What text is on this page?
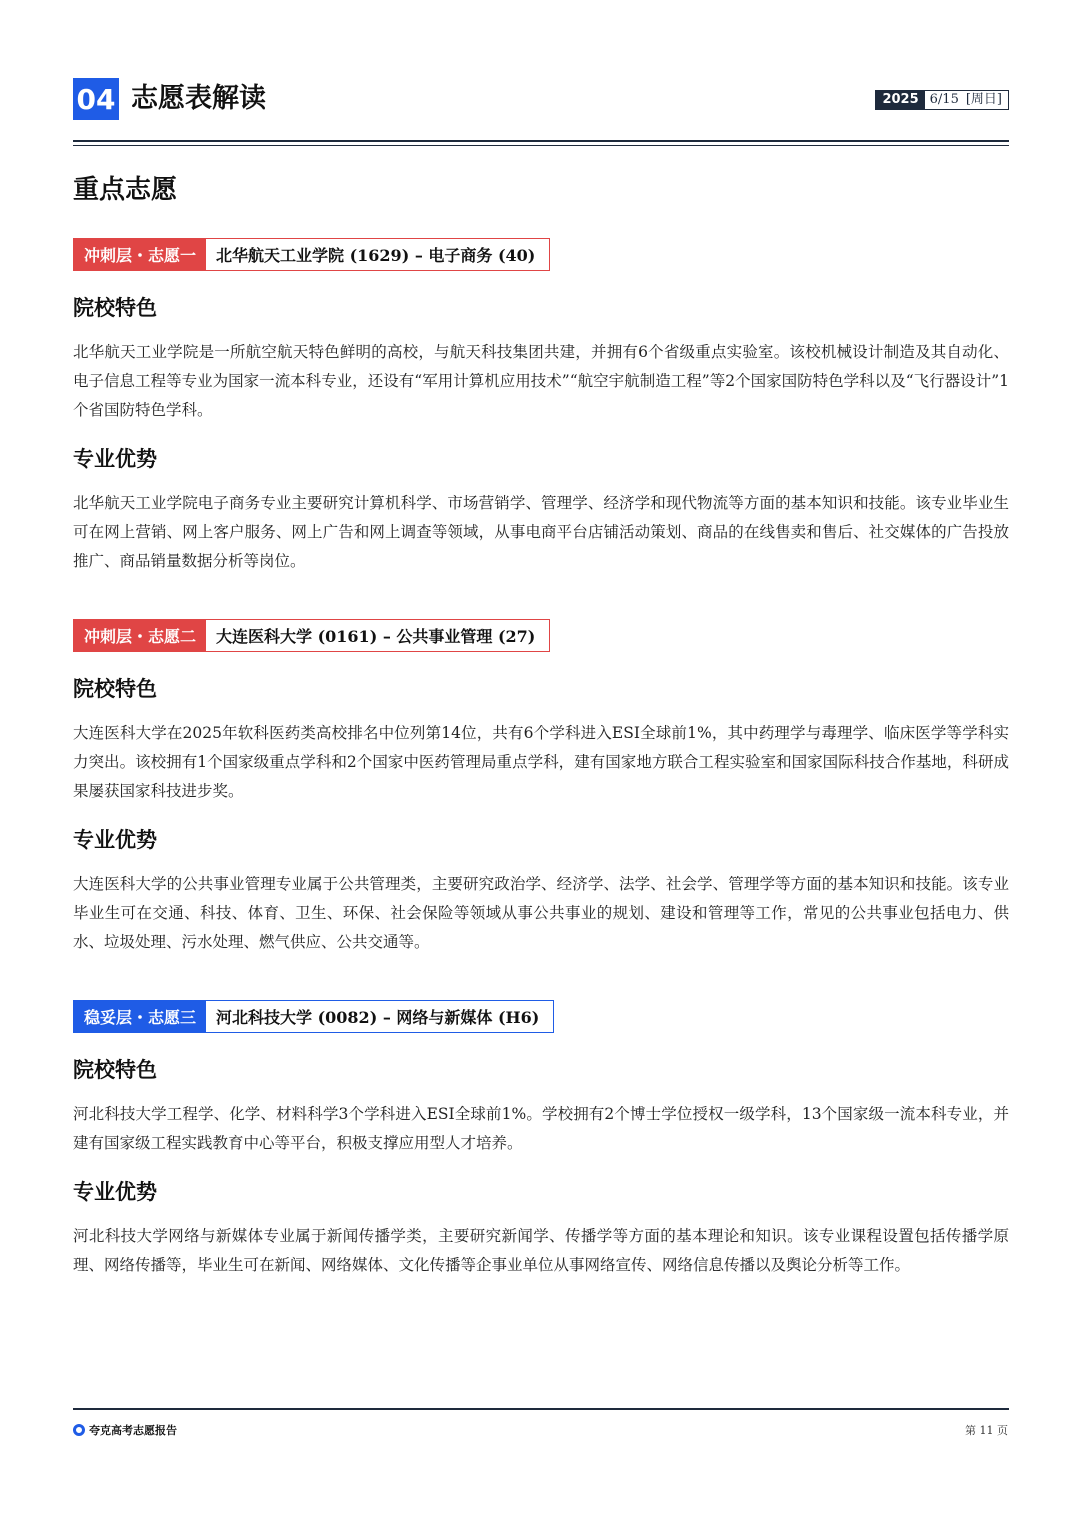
04 志愿表解读	2025 6/15 [周日]
重点志愿
冲刺层・志愿一	北华航天工业学院 (1629) – 电子商务 (40)
院校特色

北华航天工业学院是一所航空航天特色鲜明的高校，与航天科技集团共建，并拥有6个省级重点实验室。该校机械设计制造及其自动化、电子信息工程等专业为国家一流本科专业，还设有“军用计算机应用技术”“航空宇航制造工程”等2个国家国防特色学科以及“飞行器设计”1个省国防特色学科。

专业优势

北华航天工业学院电子商务专业主要研究计算机科学、市场营销学、管理学、经济学和现代物流等方面的基本知识和技能。该专业毕业生可在网上营销、网上客户服务、网上广告和网上调查等领域，从事电商平台店铺活动策划、商品的在线售卖和售后、社交媒体的广告投放推广、商品销量数据分析等岗位。

冲刺层・志愿二	大连医科大学 (0161) – 公共事业管理 (27)
院校特色

大连医科大学在2025年软科医药类高校排名中位列第14位，共有6个学科进入ESI全球前1%，其中药理学与毒理学、临床医学等学科实力突出。该校拥有1个国家级重点学科和2个国家中医药管理局重点学科，建有国家地方联合工程实验室和国家国际科技合作基地，科研成果屡获国家科技进步奖。

专业优势

大连医科大学的公共事业管理专业属于公共管理类，主要研究政治学、经济学、法学、社会学、管理学等方面的基本知识和技能。该专业毕业生可在交通、科技、体育、卫生、环保、社会保险等领域从事公共事业的规划、建设和管理等工作，常见的公共事业包括电力、供水、垃圾处理、污水处理、燃气供应、公共交通等。

稳妥层・志愿三	河北科技大学 (0082) – 网络与新媒体 (H6)
院校特色

河北科技大学工程学、化学、材料科学3个学科进入ESI全球前1%。学校拥有2个博士学位授权一级学科，13个国家级一流本科专业，并建有国家级工程实践教育中心等平台，积极支撑应用型人才培养。

专业优势

河北科技大学网络与新媒体专业属于新闻传播学类，主要研究新闻学、传播学等方面的基本理论和知识。该专业课程设置包括传播学原理、网络传播等，毕业生可在新闻、网络媒体、文化传播等企事业单位从事网络宣传、网络信息传播以及舆论分析等工作。

夸克高考志愿报告	第 11 页
